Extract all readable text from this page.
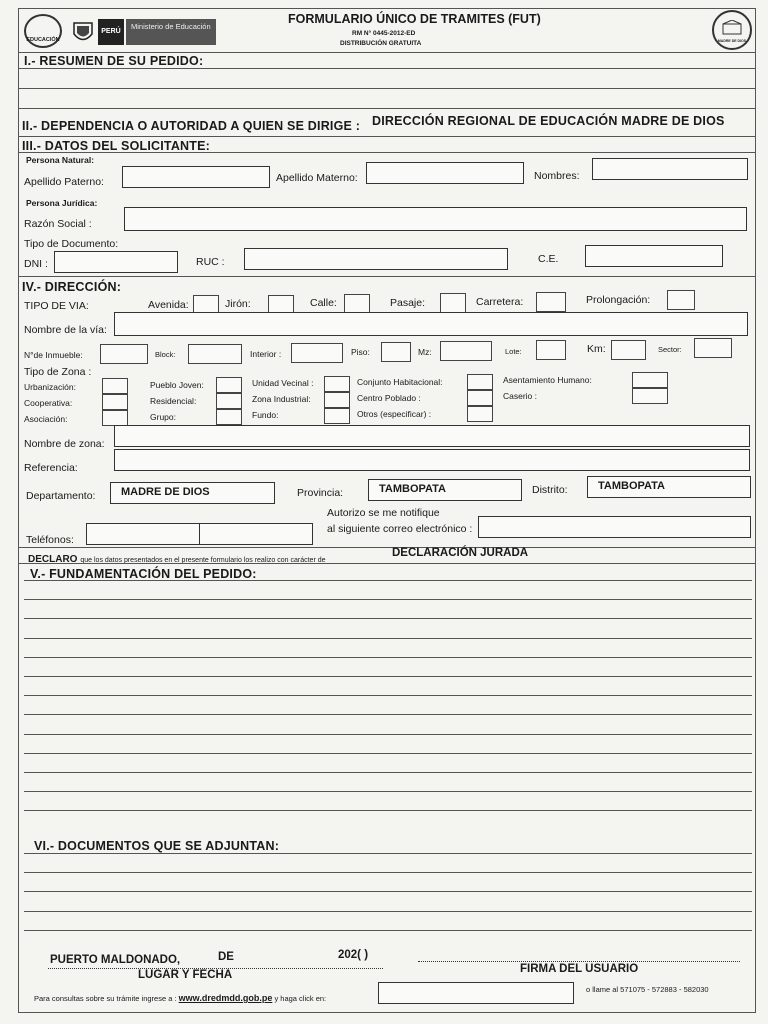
$_{EDUCACIÓN}$
PERÚ
Ministerio de Educación
FORMULARIO ÚNICO DE TRAMITES (FUT)
RM N° 0445-2012-ED
DISTRIBUCIÓN GRATUITA	MADRE DE DIOS
I.- RESUMEN DE SU PEDIDO:
II.- DEPENDENCIA O AUTORIDAD A QUIEN SE DIRIGE : DIRECCIÓN REGIONAL DE EDUCACIÓN MADRE DE DIOS
III.- DATOS DEL SOLICITANTE:
Persona Natural:
Apellido Paterno:	Apellido Materno:	Nombres:
Persona Jurídica:
Razón Social :
Tipo de Documento:
DNI :	RUC :	C.E.
IV.- DIRECCIÓN:
TIPO DE VIA:	Avenida:	Jirón:	Calle:	Pasaje:	Carretera:	Prolongación:
Nombre de la vía:
N°de Inmueble:	Block:	Interior :	Piso:	Mz:	Lote:	Km:	Sector:
Tipo de Zona :
Urbanización:
Cooperativa:
Asociación:
Pueblo Joven:
Residencial:
Grupo:
Unidad Vecinal :
Zona Industrial:
Fundo:
Conjunto Habitacional:
Centro Poblado :
Otros (especificar) :
Asentamiento Humano:
Caserio :
Nombre de zona:
Referencia:
Departamento:	MADRE DE DIOS	Provincia:	TAMBOPATA	Distrito:	TAMBOPATA
Autorizo se me notifique
al siguiente correo electrónico :
Teléfonos:
DECLARO que los datos presentados en el presente formulario los realizo con carácter de
DECLARACIÓN JURADA
V.- FUNDAMENTACIÓN DEL PEDIDO:
VI.- DOCUMENTOS QUE SE ADJUNTAN:
PUERTO MALDONADO,	DE	202( )
LUGAR Y FECHA	FIRMA DEL USUARIO
Para consultas sobre su trámite ingrese a : www.dredmdd.gob.pe y haga click en:
o llame al 571075 - 572883 - 582030
